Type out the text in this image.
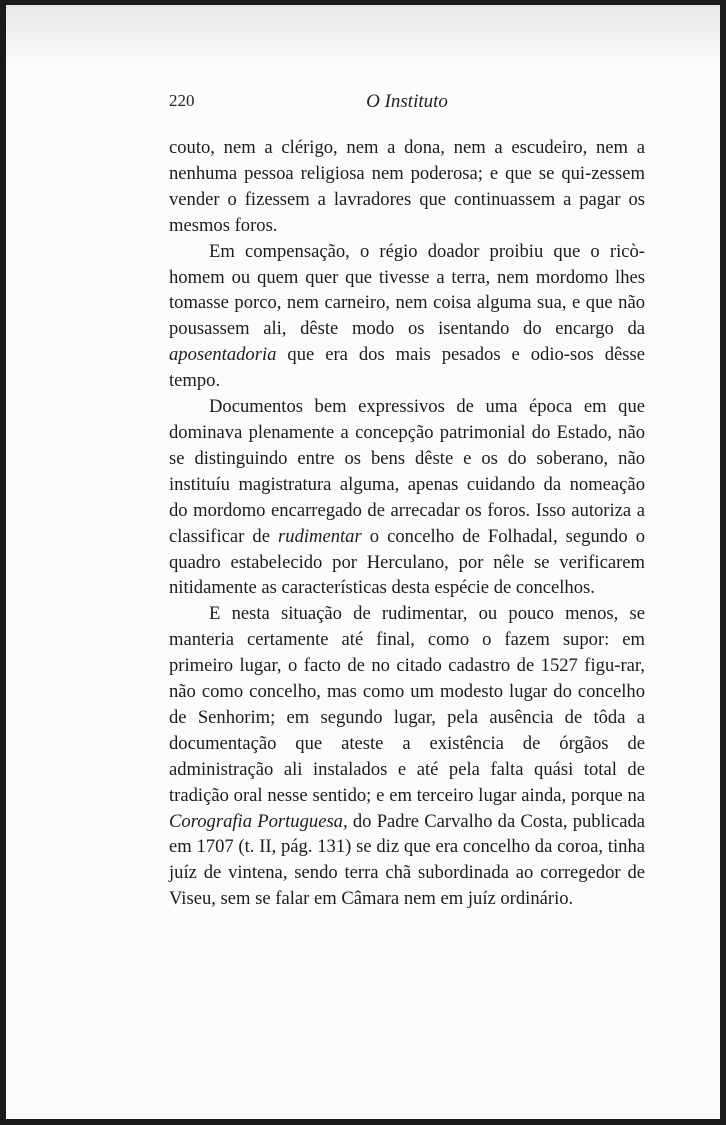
220	O Instituto

couto, nem a clérigo, nem a dona, nem a escudeiro, nem a nenhuma pessoa religiosa nem poderosa; e que se qui-zessem vender o fizessem a lavradores que continuassem a pagar os mesmos foros.

Em compensação, o régio doador proibiu que o ricò-homem ou quem quer que tivesse a terra, nem mordomo lhes tomasse porco, nem carneiro, nem coisa alguma sua, e que não pousassem ali, dêste modo os isentando do encargo da aposentadoria que era dos mais pesados e odio-sos dêsse tempo.

Documentos bem expressivos de uma época em que dominava plenamente a concepção patrimonial do Estado, não se distinguindo entre os bens dêste e os do soberano, não instituíu magistratura alguma, apenas cuidando da nomeação do mordomo encarregado de arrecadar os foros. Isso autoriza a classificar de rudimentar o concelho de Folhadal, segundo o quadro estabelecido por Herculano, por nêle se verificarem nitidamente as características desta espécie de concelhos.

E nesta situação de rudimentar, ou pouco menos, se manteria certamente até final, como o fazem supor: em primeiro lugar, o facto de no citado cadastro de 1527 figu-rar, não como concelho, mas como um modesto lugar do concelho de Senhorim; em segundo lugar, pela ausência de tôda a documentação que ateste a existência de órgãos de administração ali instalados e até pela falta quási total de tradição oral nesse sentido; e em terceiro lugar ainda, porque na Corografia Portuguesa, do Padre Carvalho da Costa, publicada em 1707 (t. II, pág. 131) se diz que era concelho da coroa, tinha juíz de vintena, sendo terra chã subordinada ao corregedor de Viseu, sem se falar em Câmara nem em juíz ordinário.
